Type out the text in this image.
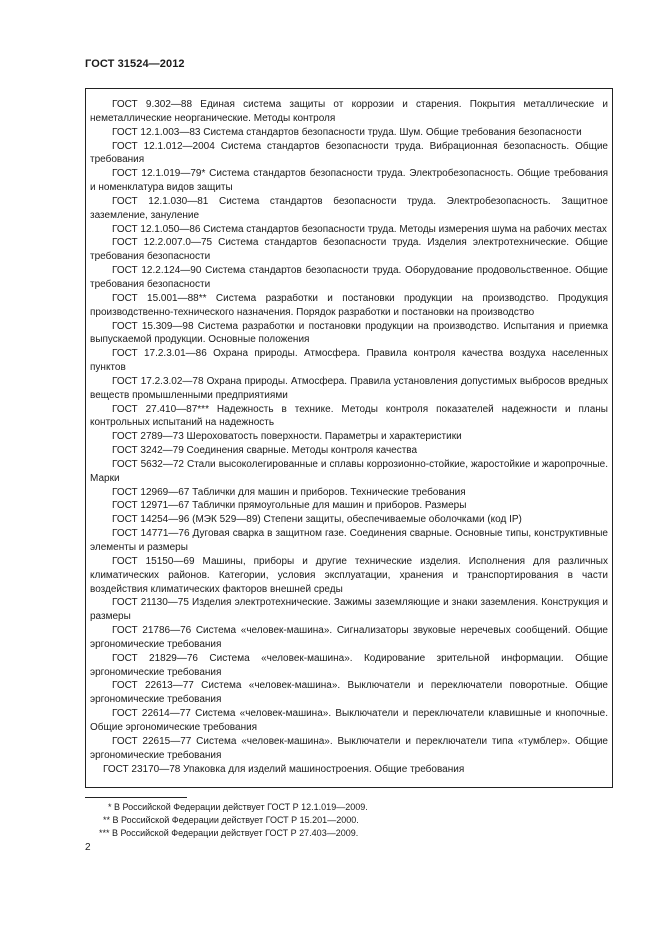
ГОСТ 31524—2012

ГОСТ 9.302—88 Единая система защиты от коррозии и старения. Покрытия металлические и неметаллические неорганические. Методы контроля

ГОСТ 12.1.003—83 Система стандартов безопасности труда. Шум. Общие требования безопасности

ГОСТ 12.1.012—2004 Система стандартов безопасности труда. Вибрационная безопасность. Общие требования

ГОСТ 12.1.019—79* Система стандартов безопасности труда. Электробезопасность. Общие требования и номенклатура видов защиты

ГОСТ 12.1.030—81 Система стандартов безопасности труда. Электробезопасность. Защитное заземление, зануление

ГОСТ 12.1.050—86 Система стандартов безопасности труда. Методы измерения шума на рабочих местах

ГОСТ 12.2.007.0—75 Система стандартов безопасности труда. Изделия электротехнические. Общие требования безопасности

ГОСТ 12.2.124—90 Система стандартов безопасности труда. Оборудование продовольственное. Общие требования безопасности

ГОСТ 15.001—88** Система разработки и постановки продукции на производство. Продукция производственно-технического назначения. Порядок разработки и постановки на производство

ГОСТ 15.309—98 Система разработки и постановки продукции на производство. Испытания и приемка выпускаемой продукции. Основные положения

ГОСТ 17.2.3.01—86 Охрана природы. Атмосфера. Правила контроля качества воздуха населенных пунктов

ГОСТ 17.2.3.02—78 Охрана природы. Атмосфера. Правила установления допустимых выбросов вредных веществ промышленными предприятиями

ГОСТ 27.410—87*** Надежность в технике. Методы контроля показателей надежности и планы контрольных испытаний на надежность

ГОСТ 2789—73 Шероховатость поверхности. Параметры и характеристики

ГОСТ 3242—79 Соединения сварные. Методы контроля качества

ГОСТ 5632—72 Стали высоколегированные и сплавы коррозионно-стойкие, жаростойкие и жаропрочные. Марки

ГОСТ 12969—67 Таблички для машин и приборов. Технические требования

ГОСТ 12971—67 Таблички прямоугольные для машин и приборов. Размеры

ГОСТ 14254—96 (МЭК 529—89) Степени защиты, обеспечиваемые оболочками (код IP)

ГОСТ 14771—76 Дуговая сварка в защитном газе. Соединения сварные. Основные типы, конструктивные элементы и размеры

ГОСТ 15150—69 Машины, приборы и другие технические изделия. Исполнения для различных климатических районов. Категории, условия эксплуатации, хранения и транспортирования в части воздействия климатических факторов внешней среды

ГОСТ 21130—75 Изделия электротехнические. Зажимы заземляющие и знаки заземления. Конструкция и размеры

ГОСТ 21786—76 Система «человек-машина». Сигнализаторы звуковые неречевых сообщений. Общие эргономические требования

ГОСТ 21829—76 Система «человек-машина». Кодирование зрительной информации. Общие эргономические требования

ГОСТ 22613—77 Система «человек-машина». Выключатели и переключатели поворотные. Общие эргономические требования

ГОСТ 22614—77 Система «человек-машина». Выключатели и переключатели клавишные и кнопочные. Общие эргономические требования

ГОСТ 22615—77 Система «человек-машина». Выключатели и переключатели типа «тумблер». Общие эргономические требования

ГОСТ 23170—78 Упаковка для изделий машиностроения. Общие требования

* В Российской Федерации действует ГОСТ Р 12.1.019—2009.

** В Российской Федерации действует ГОСТ Р 15.201—2000.

*** В Российской Федерации действует ГОСТ Р 27.403—2009.

2
